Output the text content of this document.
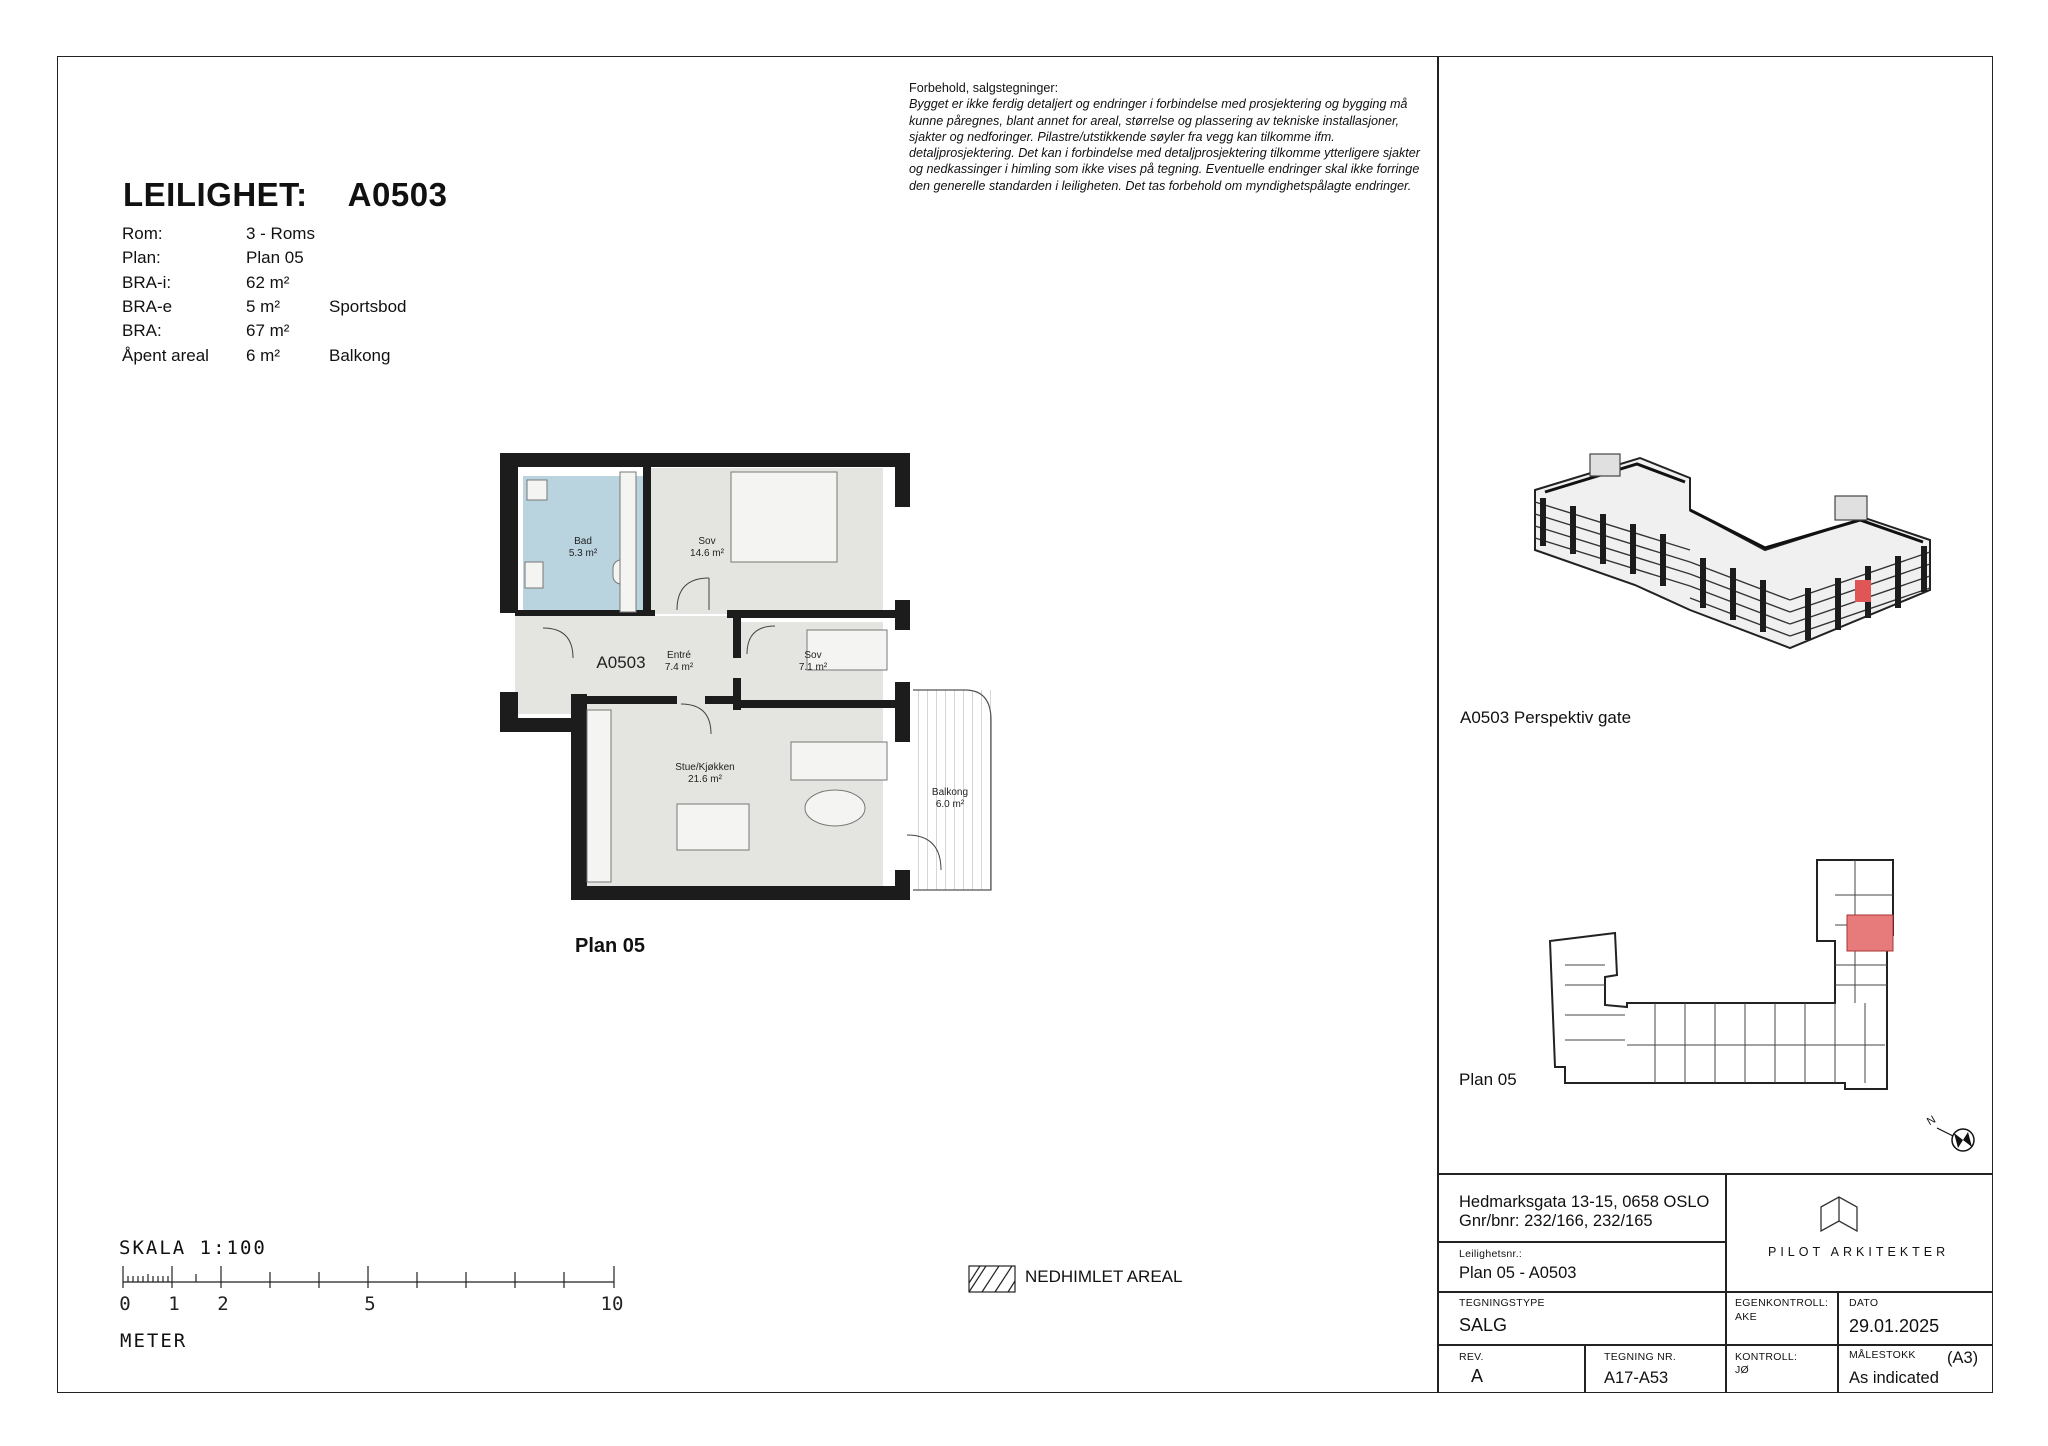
LEILIGHET: A0503
Rom:	3 - Roms	
Plan:	Plan 05	
BRA-i:	62 m²	
BRA-e	5 m²	Sportsbod
BRA:	67 m²	
Åpent areal	6 m²	Balkong
Forbehold, salgstegninger:
Bygget er ikke ferdig detaljert og endringer i forbindelse med prosjektering og bygging må kunne påregnes, blant annet for areal, størrelse og plassering av tekniske installasjoner, sjakter og nedforinger. Pilastre/utstikkende søyler fra vegg kan tilkomme ifm. detaljprosjektering. Det kan i forbindelse med detaljprosjektering tilkomme ytterligere sjakter og nedkassinger i himling som ikke vises på tegning. Eventuelle endringer skal ikke forringe den generelle standarden i leiligheten. Det tas forbehold om myndighetspålagte endringer.
Bad
5.3 m²
Sov
14.6 m²
Entré
7.4 m²
Sov
7.1 m²
Stue/Kjøkken
21.6 m²
Balkong
6.0 m²
A0503
Plan 05
SKALA 1:100
0 1 2	5	10
METER
NEDHIMLET AREAL
A0503 Perspektiv gate
Plan 05
N
Hedmarksgata 13-15, 0658 OSLO
Gnr/bnr: 232/166, 232/165
Leilighetsnr.:
Plan 05 - A0503
PILOT ARKITEKTER
TEGNINGSTYPE
SALG
EGENKONTROLL:
AKE
DATO
29.01.2025
REV.
A
TEGNING NR.
A17-A53
KONTROLL:
JØ
MÅLESTOKK (A3)
As indicated
